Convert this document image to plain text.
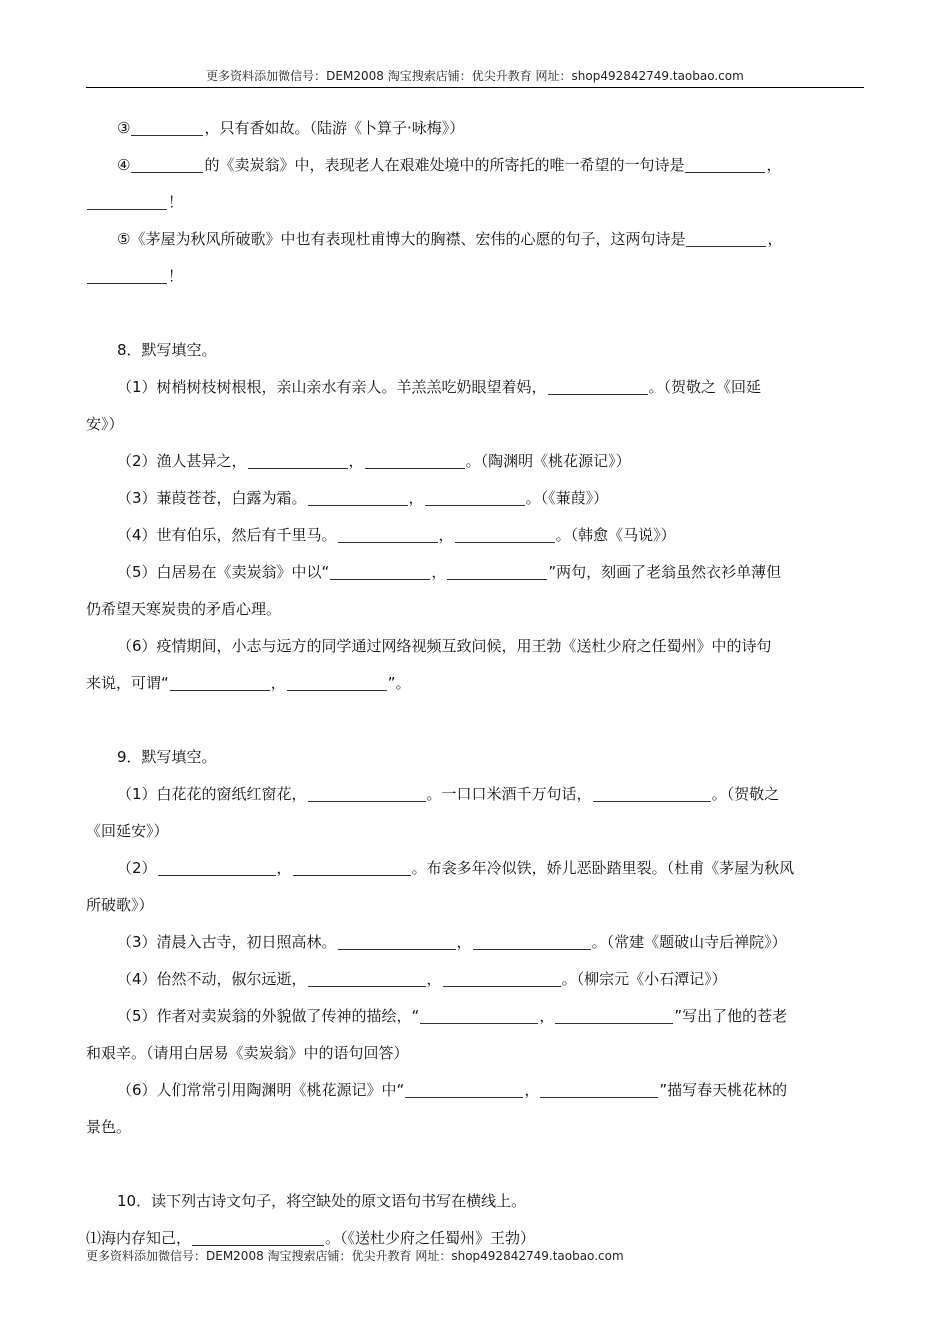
更多资料添加微信号：DEM2008 淘宝搜索店铺：优尖升教育 网址：shop492842749.taobao.com

③	，只有香如故。（陆游《卜算子·咏梅》）

④	的《卖炭翁》中，表现老人在艰难处境中的所寄托的唯一希望的一句诗是	，

！

⑤《茅屋为秋风所破歌》中也有表现杜甫博大的胸襟、宏伟的心愿的句子，这两句诗是	，

！

8．默写填空。

（1）树梢树枝树根根，亲山亲水有亲人。羊羔羔吃奶眼望着妈，	。（贺敬之《回延

安》）

（2）渔人甚异之，	，	。（陶渊明《桃花源记》）

（3）蒹葭苍苍，白露为霜。	，	。（《蒹葭》）

（4）世有伯乐，然后有千里马。	，	。（韩愈《马说》）

（5）白居易在《卖炭翁》中以“	，	”两句，刻画了老翁虽然衣衫单薄但

仍希望天寒炭贵的矛盾心理。

（6）疫情期间，小志与远方的同学通过网络视频互致问候，用王勃《送杜少府之任蜀州》中的诗句

来说，可谓“	，	”。

9．默写填空。

（1）白花花的窗纸红窗花，	。一口口米酒千万句话，	。（贺敬之

《回延安》）

（2）	，	。布衾多年冷似铁，娇儿恶卧踏里裂。（杜甫《茅屋为秋风

所破歌》）

（3）清晨入古寺，初日照高林。	，	。（常建《题破山寺后禅院》）

（4）佁然不动，俶尔远逝，	，	。（柳宗元《小石潭记》）

（5）作者对卖炭翁的外貌做了传神的描绘，“	，	”写出了他的苍老

和艰辛。（请用白居易《卖炭翁》中的语句回答）

（6）人们常常引用陶渊明《桃花源记》中“	，	”描写春天桃花林的

景色。

10．读下列古诗文句子，将空缺处的原文语句书写在横线上。

⑴海内存知己，	。（《送杜少府之任蜀州》王勃）

更多资料添加微信号：DEM2008 淘宝搜索店铺：优尖升教育 网址：shop492842749.taobao.com
